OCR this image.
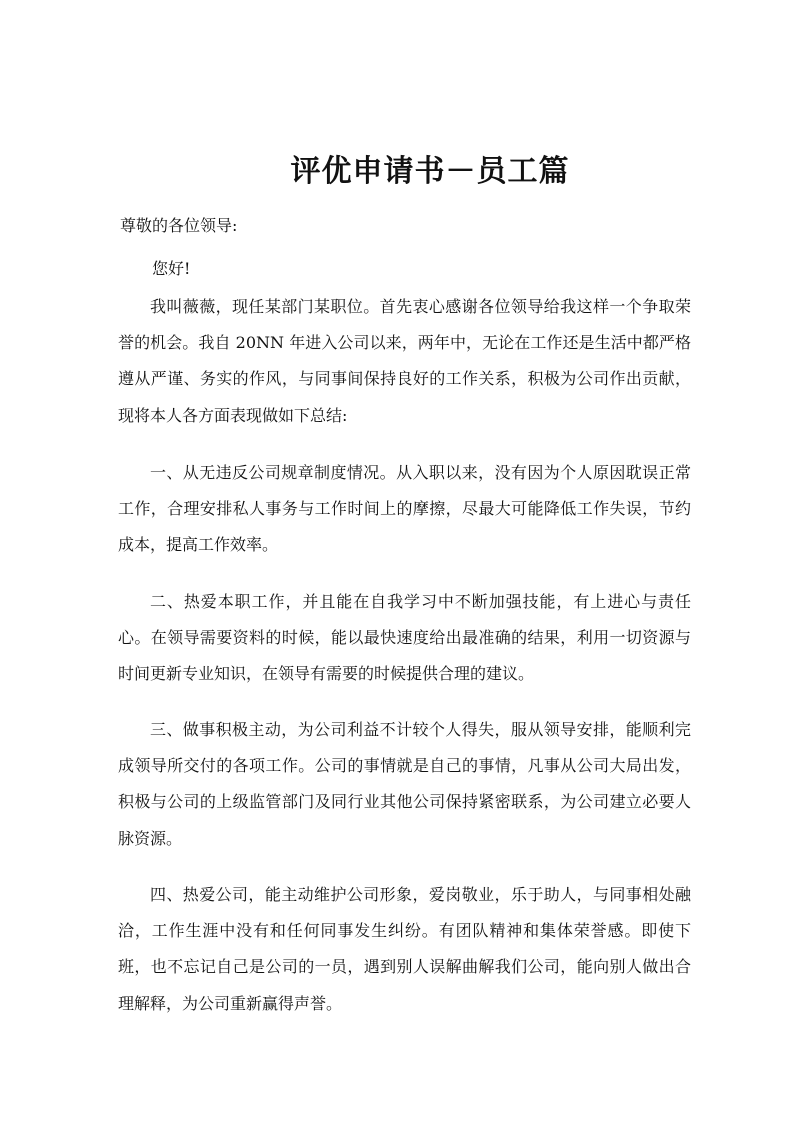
评优申请书－员工篇
尊敬的各位领导:
您好!

我叫薇薇，现任某部门某职位。首先衷心感谢各位领导给我这样一个争取荣誉的机会。我自 20NN 年进入公司以来，两年中，无论在工作还是生活中都严格遵从严谨、务实的作风，与同事间保持良好的工作关系，积极为公司作出贡献，现将本人各方面表现做如下总结:

一、从无违反公司规章制度情况。从入职以来，没有因为个人原因耽误正常工作，合理安排私人事务与工作时间上的摩擦，尽最大可能降低工作失误，节约成本，提高工作效率。

二、热爱本职工作，并且能在自我学习中不断加强技能，有上进心与责任心。在领导需要资料的时候，能以最快速度给出最准确的结果，利用一切资源与时间更新专业知识，在领导有需要的时候提供合理的建议。

三、做事积极主动，为公司利益不计较个人得失，服从领导安排，能顺利完成领导所交付的各项工作。公司的事情就是自己的事情，凡事从公司大局出发，积极与公司的上级监管部门及同行业其他公司保持紧密联系，为公司建立必要人脉资源。

四、热爱公司，能主动维护公司形象，爱岗敬业，乐于助人，与同事相处融洽，工作生涯中没有和任何同事发生纠纷。有团队精神和集体荣誉感。即使下班，也不忘记自己是公司的一员，遇到别人误解曲解我们公司，能向别人做出合理解释，为公司重新赢得声誉。
